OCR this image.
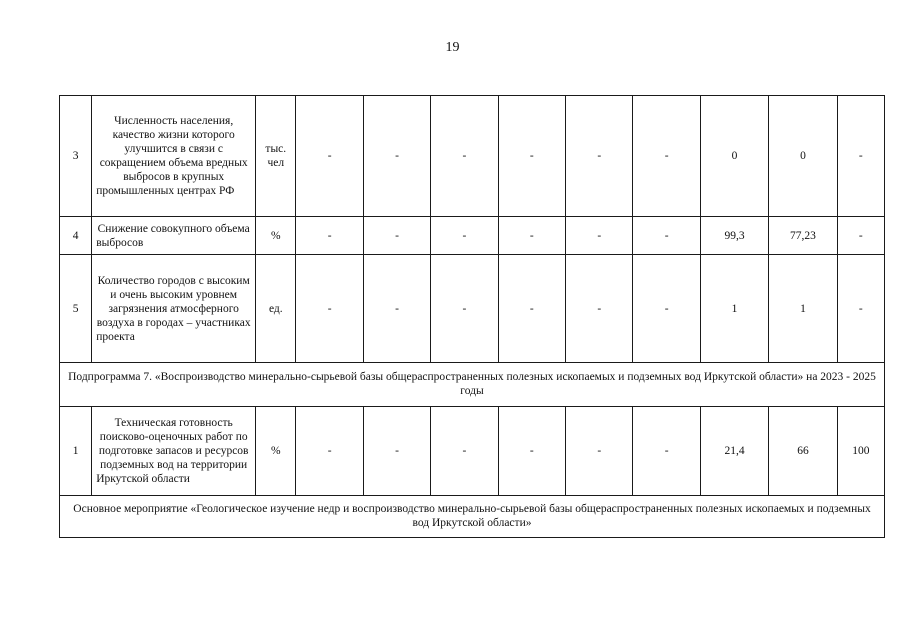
19
3	Численность населения, качество жизни которого улучшится в связи с сокращением объема вредных выбросов в крупных промышленных центрах РФ	тыс. чел	-	-	-	-	-	-	0	0	-
4	Снижение совокупного объема выбросов	%	-	-	-	-	-	-	99,3	77,23	-
5	Количество городов с высоким и очень высоким уровнем загрязнения атмосферного воздуха в городах – участниках проекта	ед.	-	-	-	-	-	-	1	1	-
Подпрограмма 7. «Воспроизводство минерально-сырьевой базы общераспространенных полезных ископаемых и подземных вод Иркутской области» на 2023 - 2025 годы											
1	Техническая готовность поисково-оценочных работ по подготовке запасов и ресурсов подземных вод на территории Иркутской области	%	-	-	-	-	-	-	21,4	66	100
Основное мероприятие «Геологическое изучение недр и воспроизводство минерально-сырьевой базы общераспространенных полезных ископаемых и подземных вод Иркутской области»											
